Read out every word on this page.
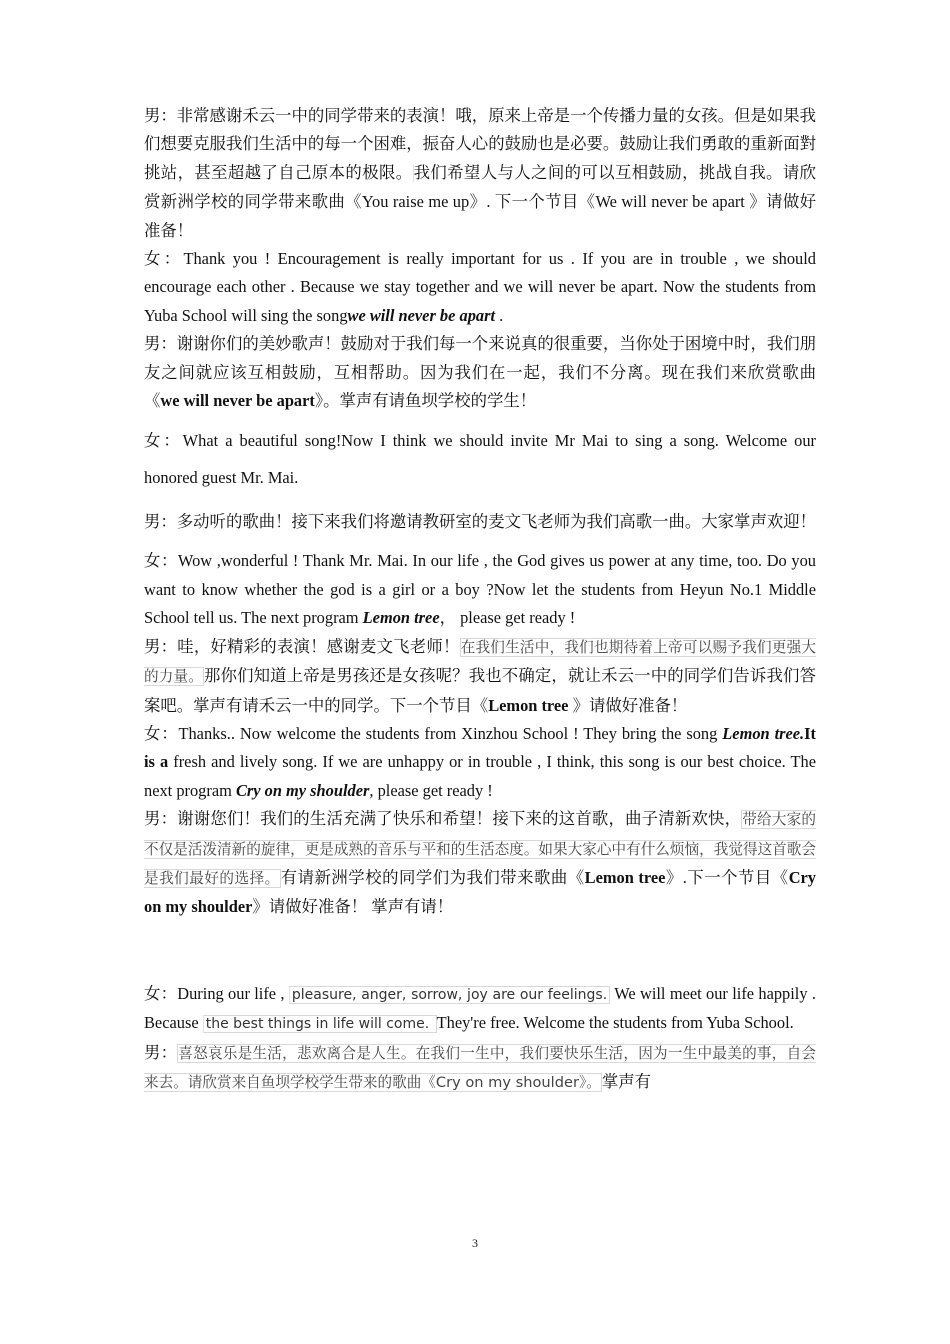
男：非常感谢禾云一中的同学带来的表演！哦，原来上帝是一个传播力量的女孩。但是如果我们想要克服我们生活中的每一个困难，振奋人心的鼓励也是必要。鼓励让我们勇敢的重新面對挑站，甚至超越了自己原本的极限。我们希望人与人之间的可以互相鼓励，挑战自我。请欣赏新洲学校的同学带来歌曲《You raise me up》. 下一个节目《We will never be apart 》请做好准备！

女：Thank you ! Encouragement is really important for us . If you are in trouble , we should encourage each other . Because we stay together and we will never be apart. Now the students from Yuba School will sing the songwe will never be apart .

男：谢谢你们的美妙歌声！鼓励对于我们每一个来说真的很重要，当你处于困境中时，我们朋友之间就应该互相鼓励，互相帮助。因为我们在一起，我们不分离。现在我们来欣赏歌曲《we will never be apart》。掌声有请鱼坝学校的学生！

女：What a beautiful song!Now I think we should invite Mr Mai to sing a song. Welcome our honored guest Mr. Mai.

男：多动听的歌曲！接下来我们将邀请教研室的麦文飞老师为我们高歌一曲。大家掌声欢迎！

女：Wow ,wonderful ! Thank Mr. Mai. In our life , the God gives us power at any time, too. Do you want to know whether the god is a girl or a boy ?Now let the students from Heyun No.1 Middle School tell us. The next program Lemon tree， please get ready !

男：哇，好精彩的表演！感谢麦文飞老师！在我们生活中，我们也期待着上帝可以赐予我们更强大的力量。那你们知道上帝是男孩还是女孩呢？我也不确定，就让禾云一中的同学们告诉我们答案吧。掌声有请禾云一中的同学。下一个节目《Lemon tree 》请做好准备！

女：Thanks.. Now welcome the students from Xinzhou School ! They bring the song Lemon tree.It is a fresh and lively song. If we are unhappy or in trouble , I think, this song is our best choice. The next program Cry on my shoulder, please get ready !

男：谢谢您们！我们的生活充满了快乐和希望！接下来的这首歌，曲子清新欢快，带给大家的不仅是活泼清新的旋律，更是成熟的音乐与平和的生活态度。如果大家心中有什么烦恼，我觉得这首歌会是我们最好的选择。有请新洲学校的同学们为我们带来歌曲《Lemon tree》.下一个节目《Cry on my shoulder》请做好准备！ 掌声有请！

女：During our life , pleasure, anger, sorrow, joy are our feelings. We will meet our life happily . Because the best things in life will come. They're free. Welcome the students from Yuba School.

男：喜怒哀乐是生活，悲欢离合是人生。在我们一生中，我们要快乐生活，因为一生中最美的事，自会来去。请欣赏来自鱼坝学校学生带来的歌曲《Cry on my shoulder》。掌声有

3
